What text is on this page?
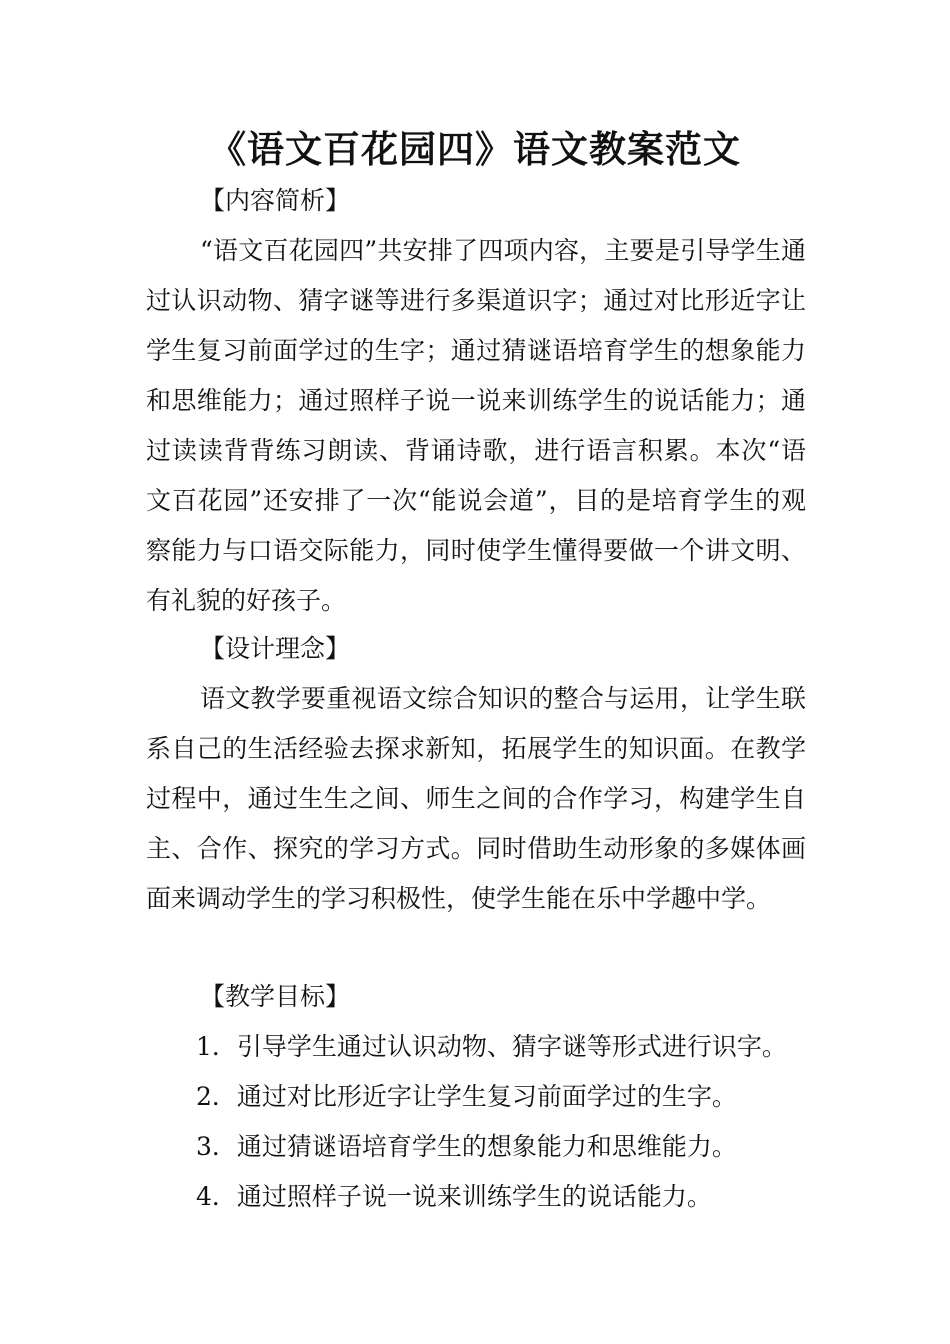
《语文百花园四》语文教案范文
【内容简析】
“语文百花园四”共安排了四项内容，主要是引导学生通过认识动物、猜字谜等进行多渠道识字；通过对比形近字让学生复习前面学过的生字；通过猜谜语培育学生的想象能力和思维能力；通过照样子说一说来训练学生的说话能力；通过读读背背练习朗读、背诵诗歌，进行语言积累。本次“语文百花园”还安排了一次“能说会道”，目的是培育学生的观察能力与口语交际能力，同时使学生懂得要做一个讲文明、有礼貌的好孩子。
【设计理念】
语文教学要重视语文综合知识的整合与运用，让学生联系自己的生活经验去探求新知，拓展学生的知识面。在教学过程中，通过生生之间、师生之间的合作学习，构建学生自主、合作、探究的学习方式。同时借助生动形象的多媒体画面来调动学生的学习积极性，使学生能在乐中学趣中学。
【教学目标】
1．引导学生通过认识动物、猜字谜等形式进行识字。
2．通过对比形近字让学生复习前面学过的生字。
3．通过猜谜语培育学生的想象能力和思维能力。
4．通过照样子说一说来训练学生的说话能力。
